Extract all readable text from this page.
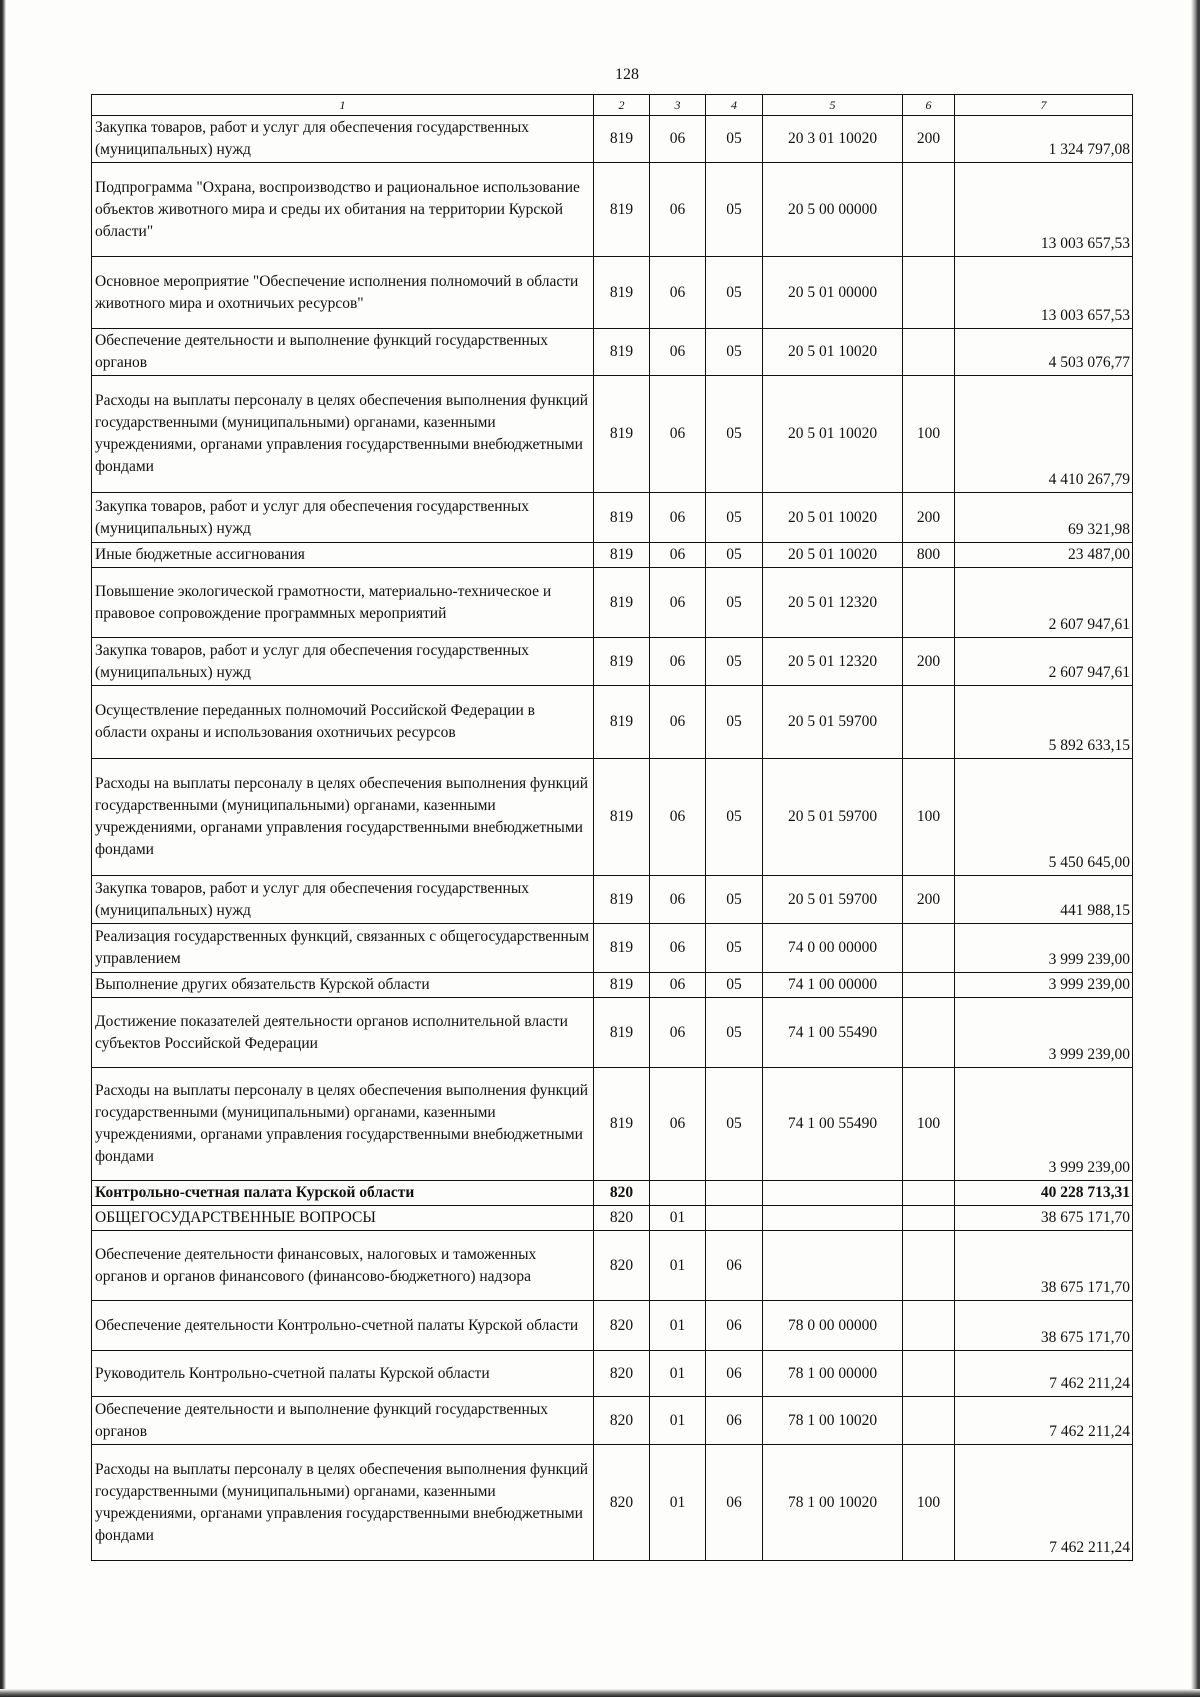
128
1	2	3	4	5	6	7
Закупка товаров, работ и услуг для обеспечения государственных (муниципальных) нужд	819	06	05	20 3 01 10020	200	1 324 797,08
Подпрограмма "Охрана, воспроизводство и рациональное использование объектов животного мира и среды их обитания на территории Курской области"	819	06	05	20 5 00 00000		13 003 657,53
Основное мероприятие "Обеспечение исполнения полномочий в области животного мира и охотничьих ресурсов"	819	06	05	20 5 01 00000		13 003 657,53
Обеспечение деятельности и выполнение функций государственных органов	819	06	05	20 5 01 10020		4 503 076,77
Расходы на выплаты персоналу в целях обеспечения выполнения функций государственными (муниципальными) органами, казенными учреждениями, органами управления государственными внебюджетными фондами	819	06	05	20 5 01 10020	100	4 410 267,79
Закупка товаров, работ и услуг для обеспечения государственных (муниципальных) нужд	819	06	05	20 5 01 10020	200	69 321,98
Иные бюджетные ассигнования	819	06	05	20 5 01 10020	800	23 487,00
Повышение экологической грамотности, материально-техническое и правовое сопровождение программных мероприятий	819	06	05	20 5 01 12320		2 607 947,61
Закупка товаров, работ и услуг для обеспечения государственных (муниципальных) нужд	819	06	05	20 5 01 12320	200	2 607 947,61
Осуществление переданных полномочий Российской Федерации в области охраны и использования охотничьих ресурсов	819	06	05	20 5 01 59700		5 892 633,15
Расходы на выплаты персоналу в целях обеспечения выполнения функций государственными (муниципальными) органами, казенными учреждениями, органами управления государственными внебюджетными фондами	819	06	05	20 5 01 59700	100	5 450 645,00
Закупка товаров, работ и услуг для обеспечения государственных (муниципальных) нужд	819	06	05	20 5 01 59700	200	441 988,15
Реализация государственных функций, связанных с общегосударственным управлением	819	06	05	74 0 00 00000		3 999 239,00
Выполнение других обязательств Курской области	819	06	05	74 1 00 00000		3 999 239,00
Достижение показателей деятельности органов исполнительной власти субъектов Российской Федерации	819	06	05	74 1 00 55490		3 999 239,00
Расходы на выплаты персоналу в целях обеспечения выполнения функций государственными (муниципальными) органами, казенными учреждениями, органами управления государственными внебюджетными фондами	819	06	05	74 1 00 55490	100	3 999 239,00
Контрольно-счетная палата Курской области	820					40 228 713,31
ОБЩЕГОСУДАРСТВЕННЫЕ ВОПРОСЫ	820	01				38 675 171,70
Обеспечение деятельности финансовых, налоговых и таможенных органов и органов финансового (финансово-бюджетного) надзора	820	01	06			38 675 171,70
Обеспечение деятельности Контрольно-счетной палаты Курской области	820	01	06	78 0 00 00000		38 675 171,70
Руководитель Контрольно-счетной палаты Курской области	820	01	06	78 1 00 00000		7 462 211,24
Обеспечение деятельности и выполнение функций государственных органов	820	01	06	78 1 00 10020		7 462 211,24
Расходы на выплаты персоналу в целях обеспечения выполнения функций государственными (муниципальными) органами, казенными учреждениями, органами управления государственными внебюджетными фондами	820	01	06	78 1 00 10020	100	7 462 211,24
